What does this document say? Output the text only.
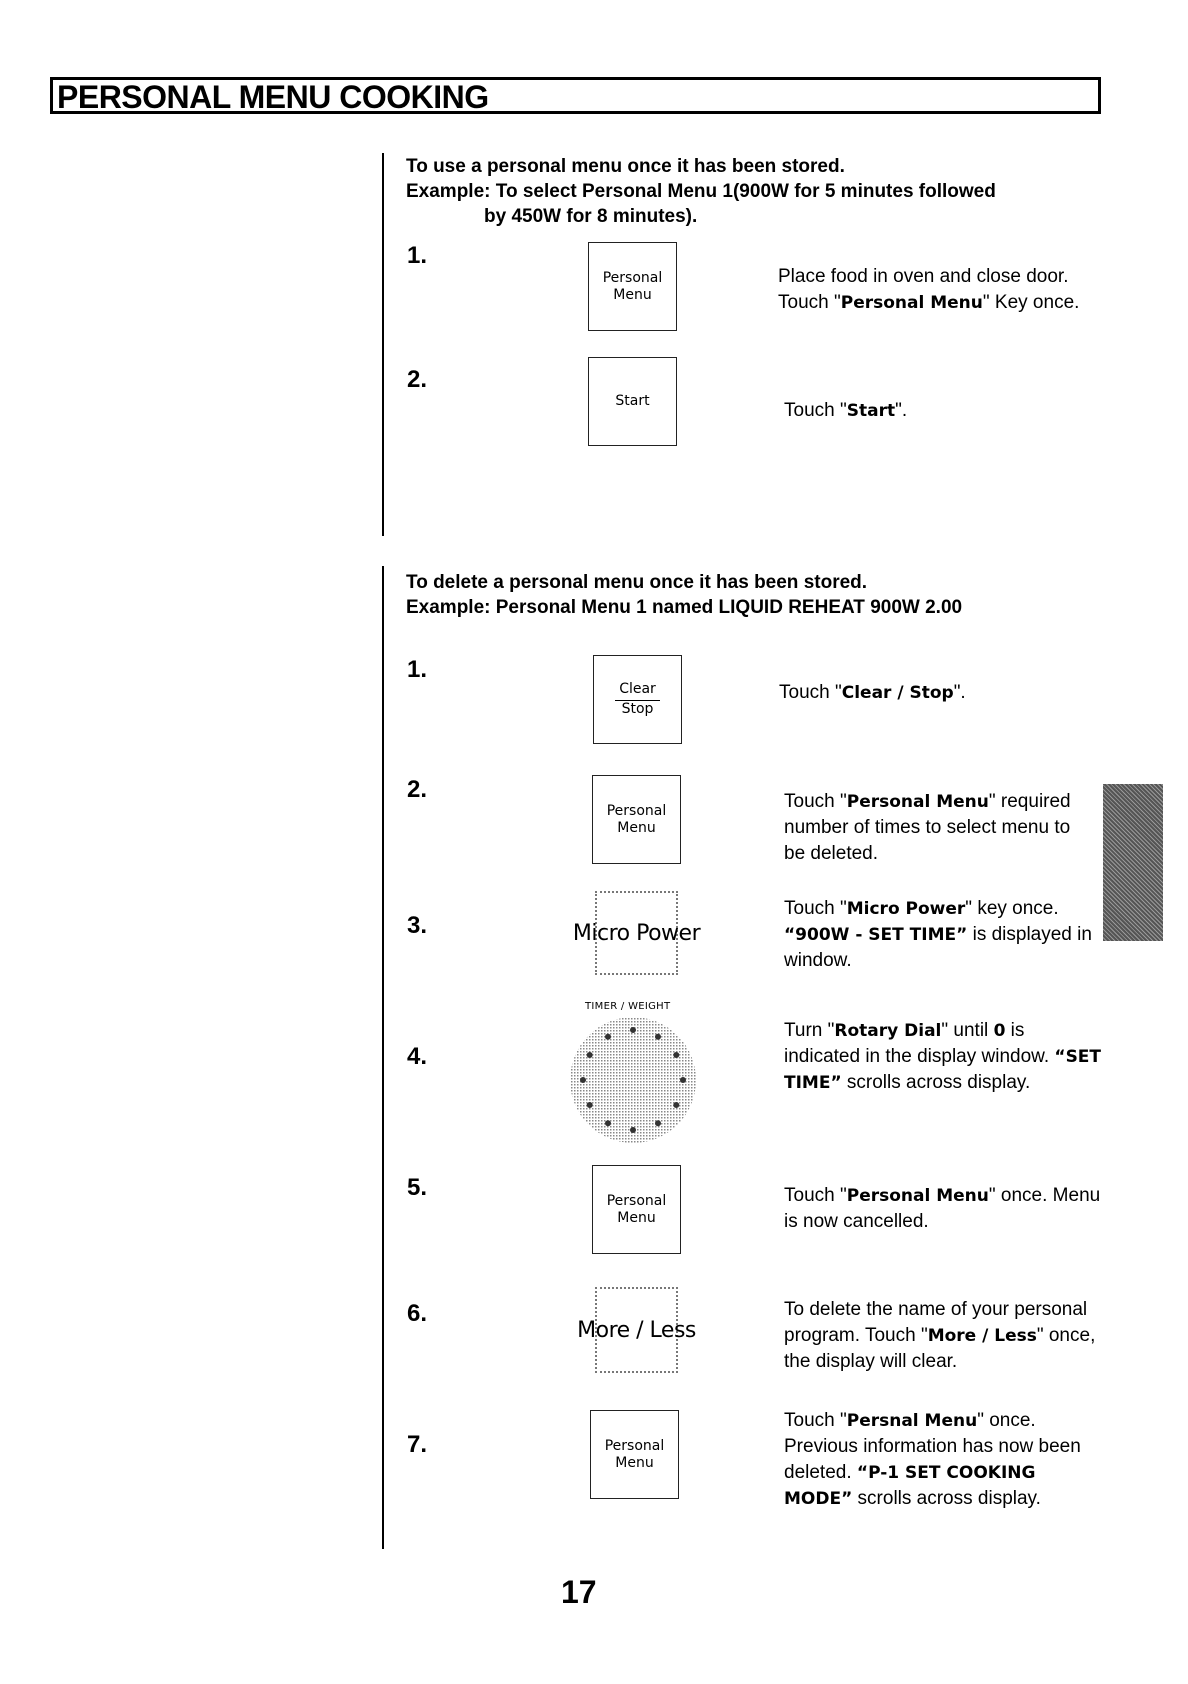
PERSONAL MENU COOKING
To use a personal menu once it has been stored.
Example: To select Personal Menu 1(900W for 5 minutes followed
by 450W for 8 minutes).
1.
Personal
Menu
Place food in oven and close door.
Touch "Personal Menu" Key once.
2.
Start	Touch "Start".
To delete a personal menu once it has been stored.
Example: Personal Menu 1 named LIQUID REHEAT 900W 2.00
1.
Clear
Stop
Touch "Clear / Stop".
2.
Personal
Menu
Touch "Personal Menu" required number of times to select menu to be deleted.
3.	Micro Power
Touch "Micro Power" key once. “900W - SET TIME” is displayed in window.
4.
TIMER / WEIGHT
Turn "Rotary Dial" until 0 is indicated in the display window. “SET TIME” scrolls across display.
5.	Personal
Menu
Touch "Personal Menu" once. Menu is now cancelled.
6.
More / Less
To delete the name of your personal program. Touch "More / Less" once, the display will clear.
7.	Personal
Menu
Touch "Persnal Menu" once. Previous information has now been deleted. “P-1 SET COOKING MODE” scrolls across display.
17
